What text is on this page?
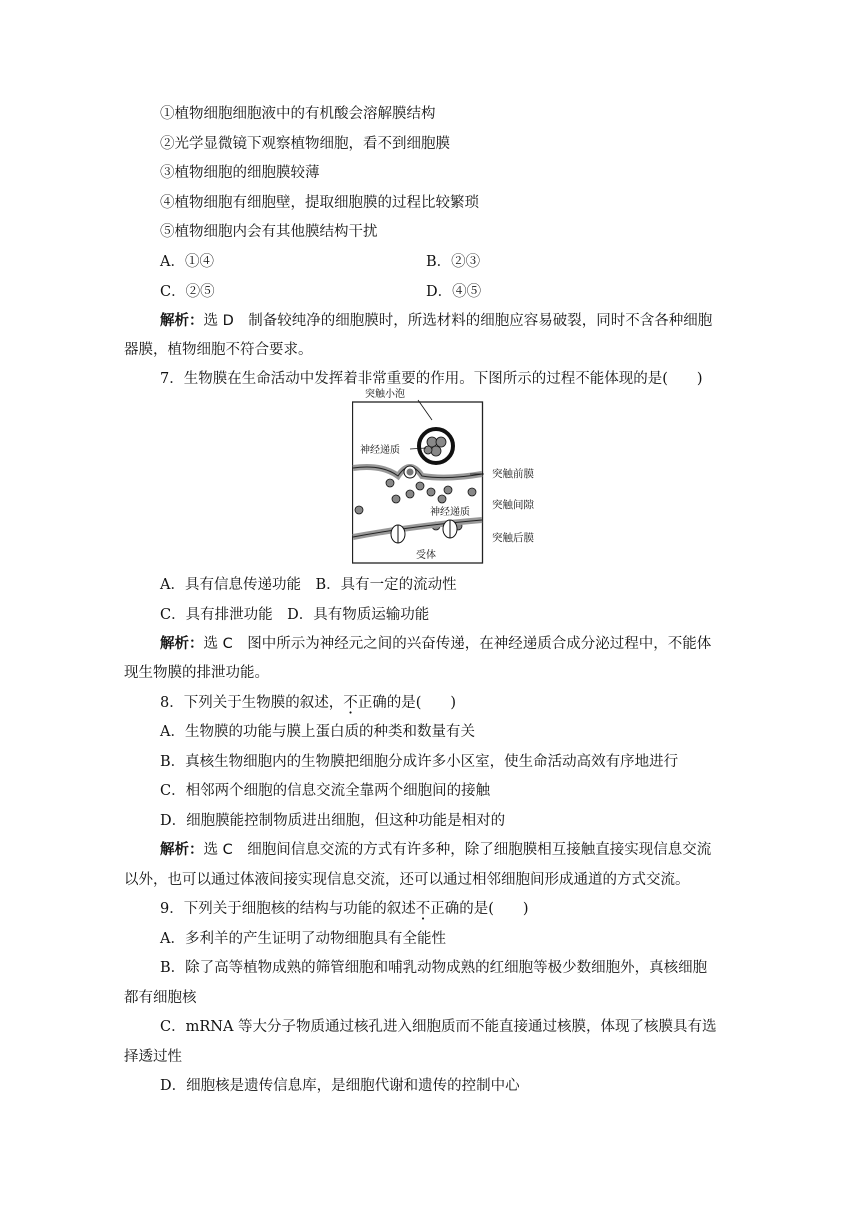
①植物细胞细胞液中的有机酸会溶解膜结构
②光学显微镜下观察植物细胞，看不到细胞膜
③植物细胞的细胞膜较薄
④植物细胞有细胞壁，提取细胞膜的过程比较繁琐
⑤植物细胞内会有其他膜结构干扰
A．①④	B．②③
C．②⑤	D．④⑤
解析：选 D　制备较纯净的细胞膜时，所选材料的细胞应容易破裂，同时不含各种细胞
器膜，植物细胞不符合要求。
7．生物膜在生命活动中发挥着非常重要的作用。下图所示的过程不能体现的是(　　)
突触小泡
神经递质
神经递质
受体
突触前膜
突触间隙
突触后膜
A．具有信息传递功能　B．具有一定的流动性
C．具有排泄功能　D．具有物质运输功能
解析：选 C　图中所示为神经元之间的兴奋传递，在神经递质合成分泌过程中，不能体
现生物膜的排泄功能。
8．下列关于生物膜的叙述，不正确的是(　　)
A．生物膜的功能与膜上蛋白质的种类和数量有关
B．真核生物细胞内的生物膜把细胞分成许多小区室，使生命活动高效有序地进行
C．相邻两个细胞的信息交流全靠两个细胞间的接触
D．细胞膜能控制物质进出细胞，但这种功能是相对的
解析：选 C　细胞间信息交流的方式有许多种，除了细胞膜相互接触直接实现信息交流
以外，也可以通过体液间接实现信息交流，还可以通过相邻细胞间形成通道的方式交流。
9．下列关于细胞核的结构与功能的叙述不正确的是(　　)
A．多利羊的产生证明了动物细胞具有全能性
B．除了高等植物成熟的筛管细胞和哺乳动物成熟的红细胞等极少数细胞外，真核细胞
都有细胞核
C．mRNA 等大分子物质通过核孔进入细胞质而不能直接通过核膜，体现了核膜具有选
择透过性
D．细胞核是遗传信息库，是细胞代谢和遗传的控制中心
